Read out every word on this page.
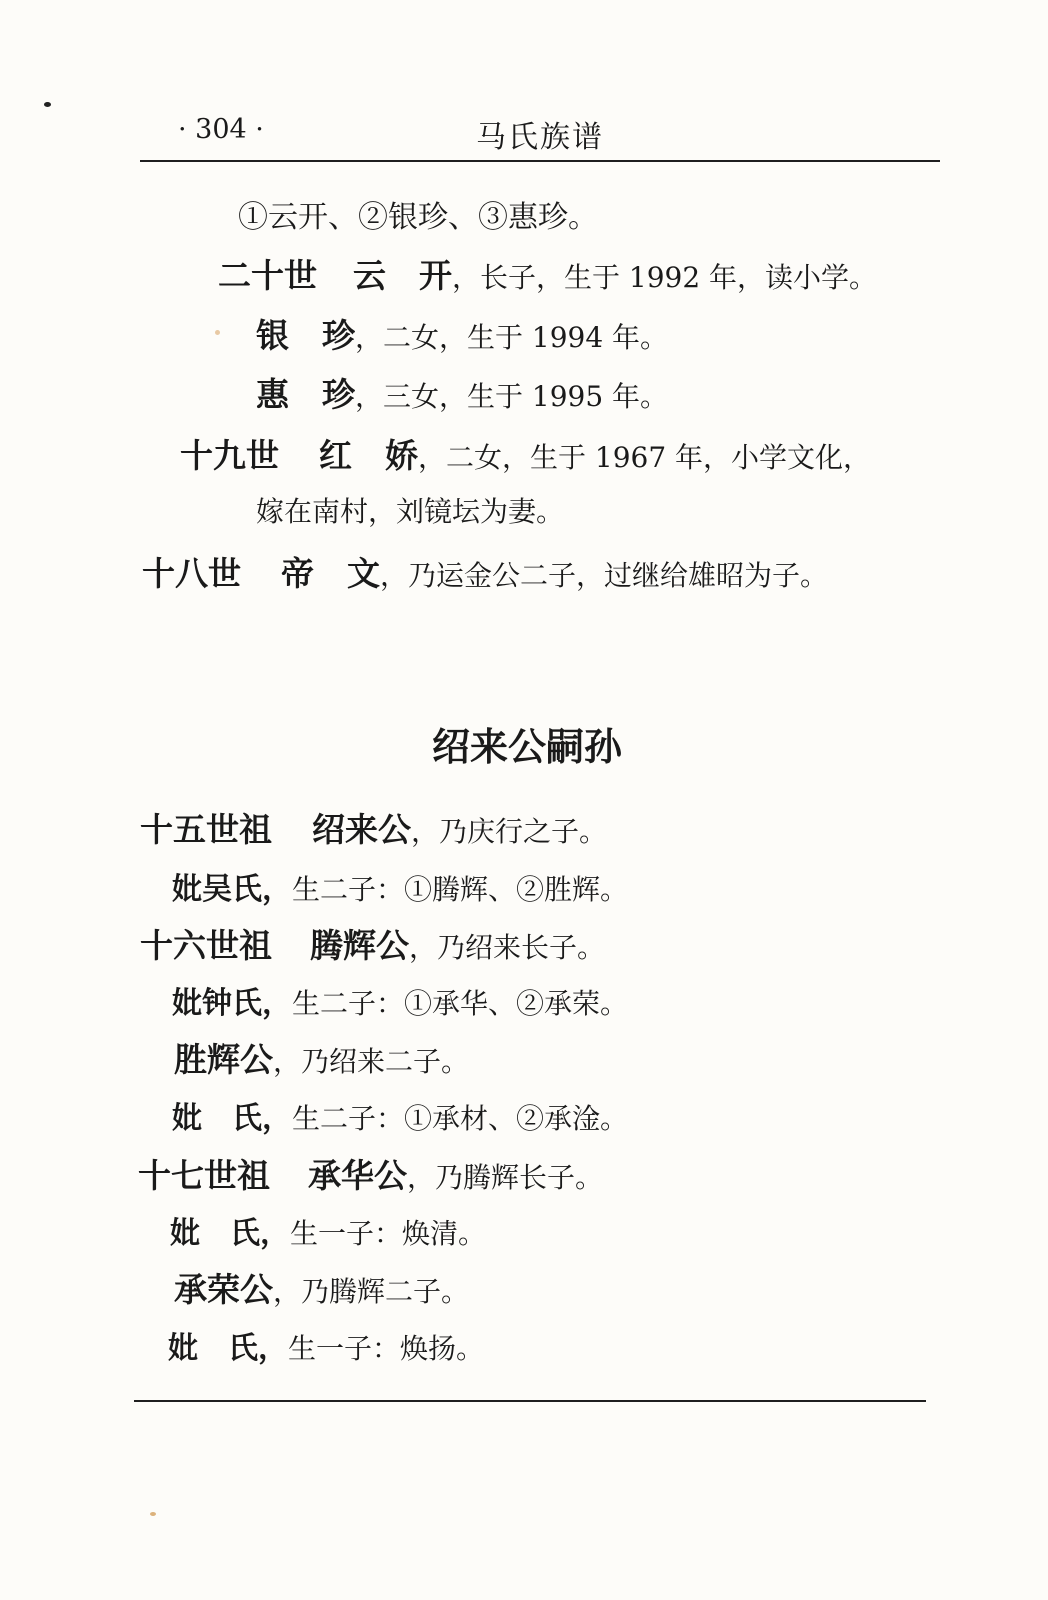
· 304 ·	马氏族谱
①云开、②银珍、③惠珍。
二十世 云　开，长子，生于 1992 年，读小学。
银　珍，二女，生于 1994 年。
惠　珍，三女，生于 1995 年。
十九世 红　娇，二女，生于 1967 年，小学文化，
嫁在南村，刘镜坛为妻。
十八世 帝　文，乃运金公二子，过继给雄昭为子。
绍来公嗣孙
十五世祖 绍来公，乃庆行之子。
妣吴氏，生二子：①腾辉、②胜辉。
十六世祖 腾辉公，乃绍来长子。
妣钟氏，生二子：①承华、②承荣。
胜辉公，乃绍来二子。
妣　氏，生二子：①承材、②承淦。
十七世祖 承华公，乃腾辉长子。
妣　氏，生一子：焕清。
承荣公，乃腾辉二子。
妣　氏，生一子：焕扬。
